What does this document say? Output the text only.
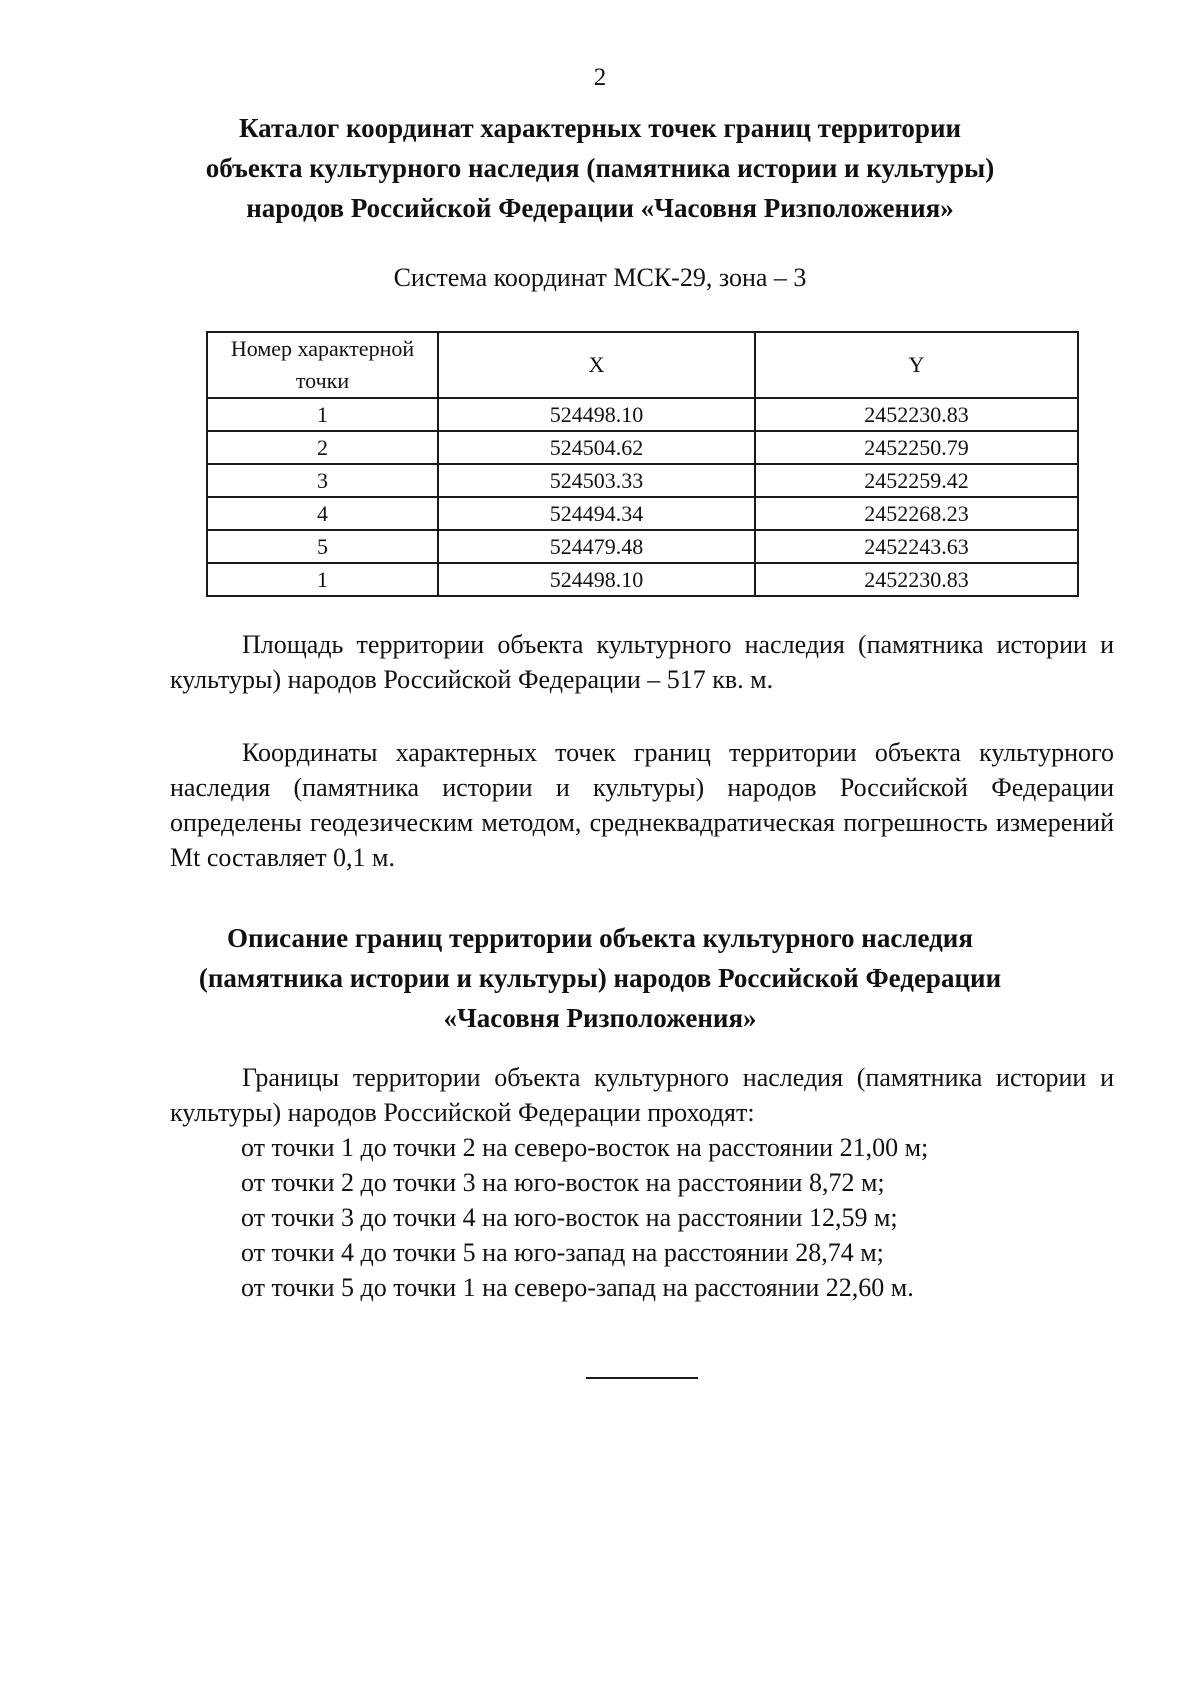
2
Каталог координат характерных точек границ территории
объекта культурного наследия (памятника истории и культуры)
народов Российской Федерации «Часовня Ризположения»
Система координат МСК-29, зона – 3
Номер характерной точки	X	Y
1	524498.10	2452230.83
2	524504.62	2452250.79
3	524503.33	2452259.42
4	524494.34	2452268.23
5	524479.48	2452243.63
1	524498.10	2452230.83
Площадь территории объекта культурного наследия (памятника истории и культуры) народов Российской Федерации – 517 кв. м.
Координаты характерных точек границ территории объекта культурного наследия (памятника истории и культуры) народов Российской Федерации определены геодезическим методом, среднеквадратическая погрешность измерений Mt составляет 0,1 м.
Описание границ территории объекта культурного наследия
(памятника истории и культуры) народов Российской Федерации
«Часовня Ризположения»
Границы территории объекта культурного наследия (памятника истории и культуры) народов Российской Федерации проходят:
от точки 1 до точки 2 на северо-восток на расстоянии 21,00 м;
от точки 2 до точки 3 на юго-восток на расстоянии 8,72 м;
от точки 3 до точки 4 на юго-восток на расстоянии 12,59 м;
от точки 4 до точки 5 на юго-запад на расстоянии 28,74 м;
от точки 5 до точки 1 на северо-запад на расстоянии 22,60 м.
